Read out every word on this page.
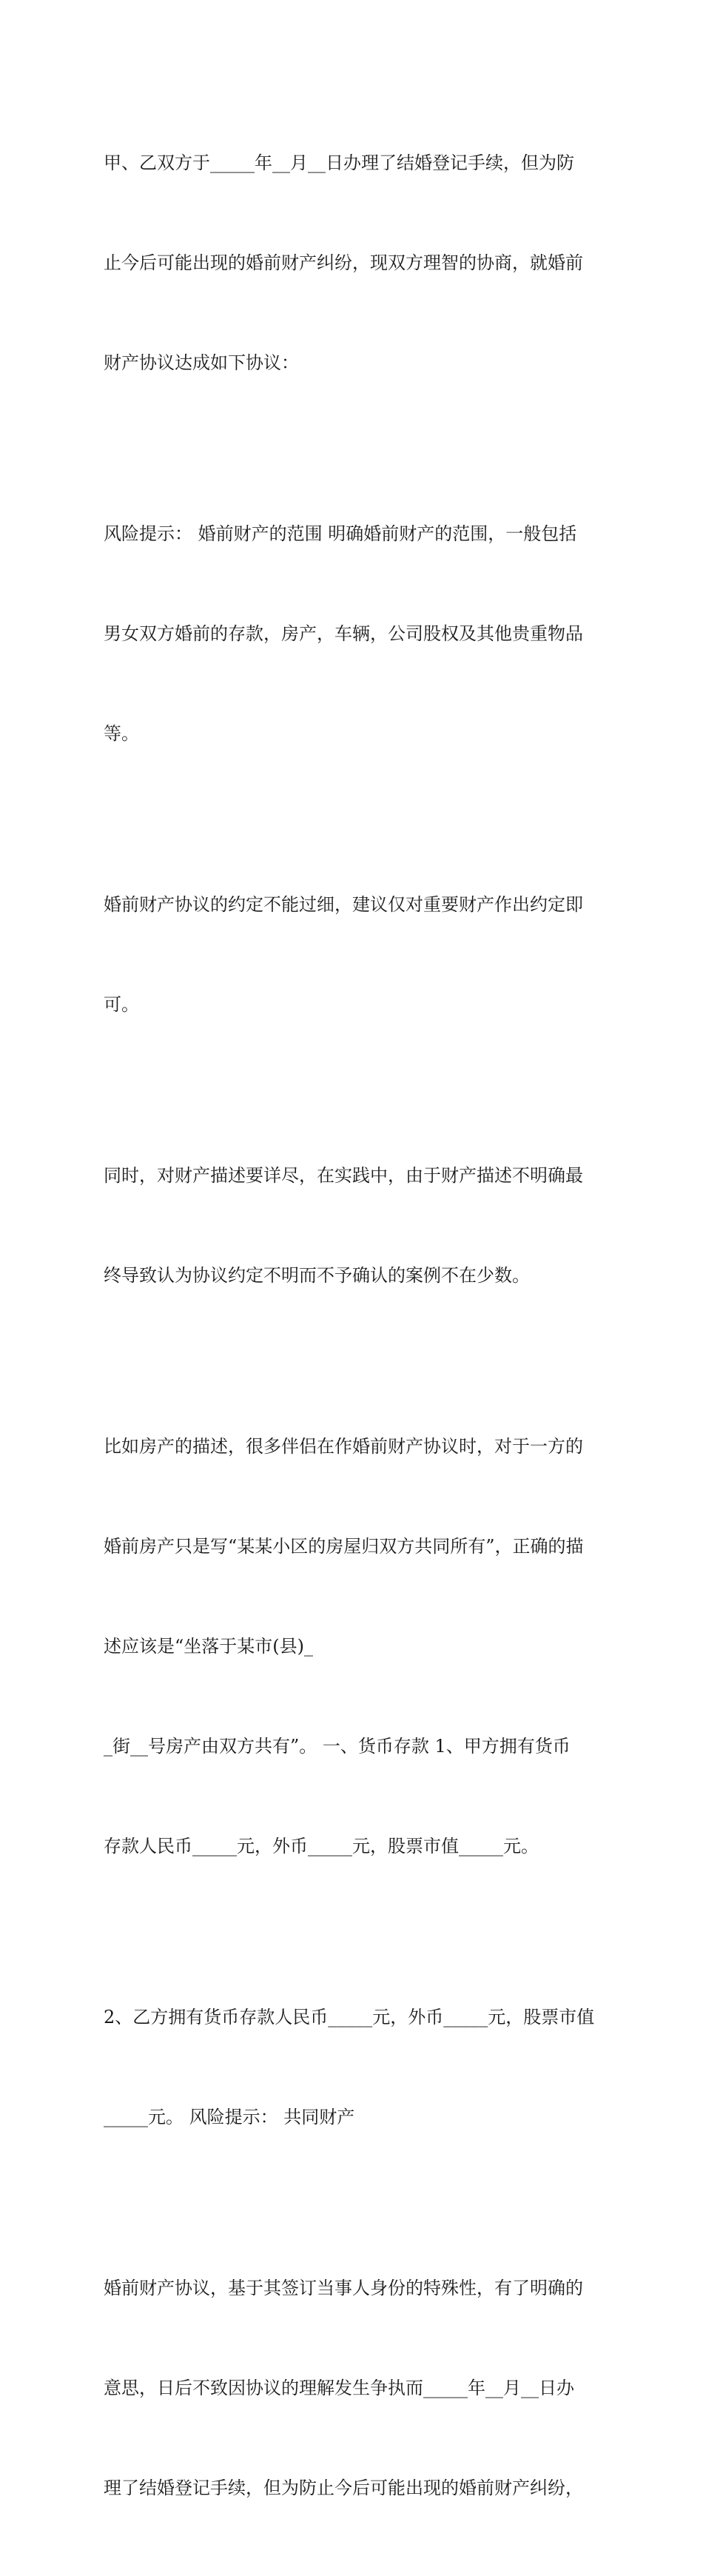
甲、乙双方于_____年__月__日办理了结婚登记手续，但为防

止今后可能出现的婚前财产纠纷，现双方理智的协商，就婚前

财产协议达成如下协议：

风险提示： 婚前财产的范围 明确婚前财产的范围，一般包括

男女双方婚前的存款，房产，车辆，公司股权及其他贵重物品

等。

婚前财产协议的约定不能过细，建议仅对重要财产作出约定即

可。

同时，对财产描述要详尽，在实践中，由于财产描述不明确最

终导致认为协议约定不明而不予确认的案例不在少数。

比如房产的描述，很多伴侣在作婚前财产协议时，对于一方的

婚前房产只是写“某某小区的房屋归双方共同所有”，正确的描

述应该是“坐落于某市(县)_

_街__号房产由双方共有”。 一、货币存款 1、甲方拥有货币

存款人民币_____元，外币_____元，股票市值_____元。

2、乙方拥有货币存款人民币_____元，外币_____元，股票市值

_____元。 风险提示： 共同财产

婚前财产协议，基于其签订当事人身份的特殊性，有了明确的

意思，日后不致因协议的理解发生争执而_____年__月__日办

理了结婚登记手续，但为防止今后可能出现的婚前财产纠纷，
